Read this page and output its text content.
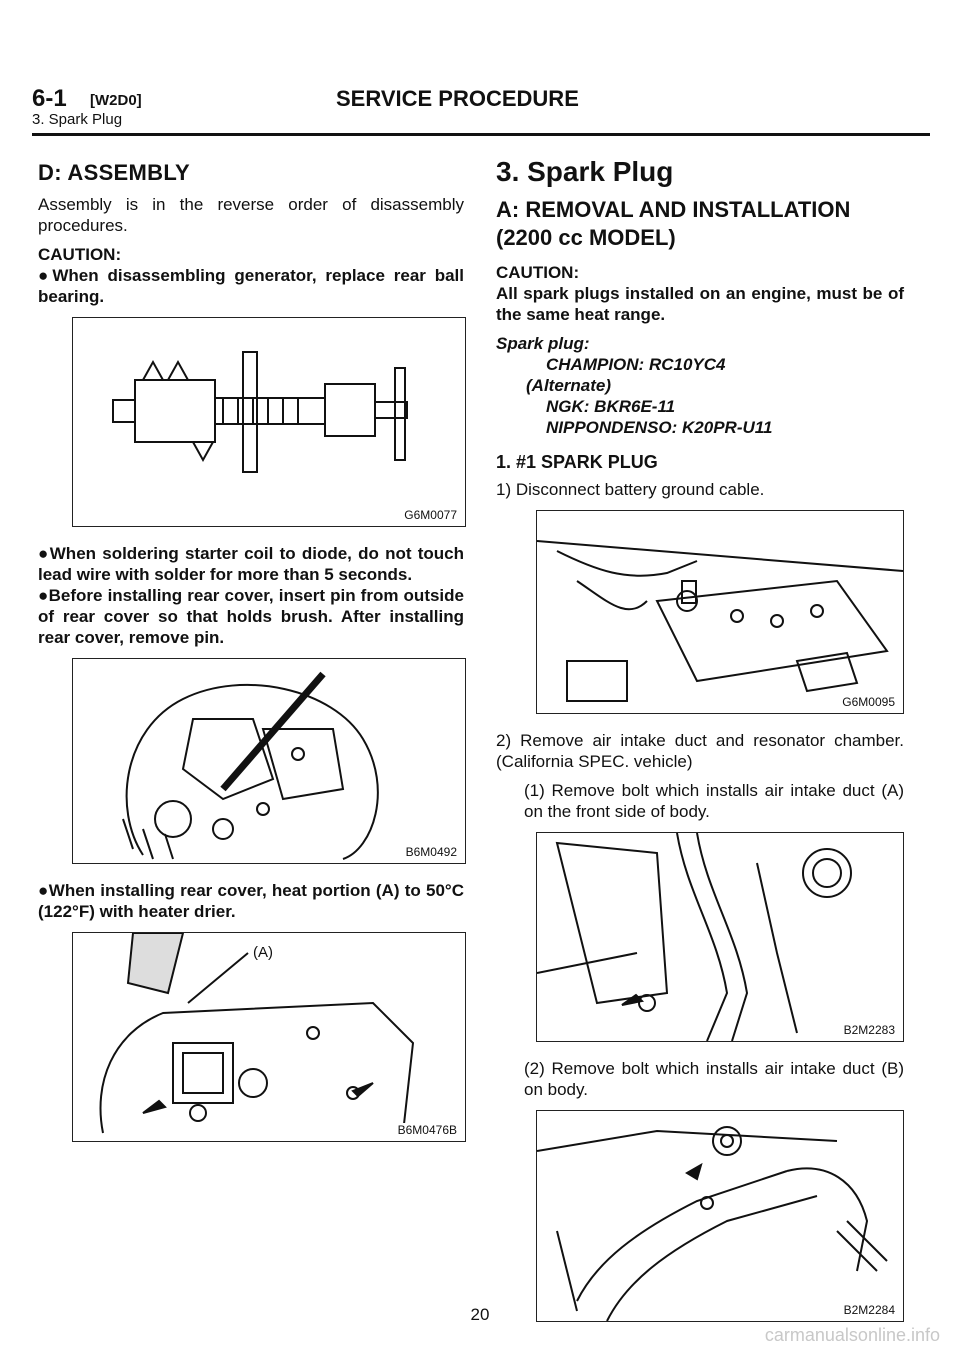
6-1 [W2D0]	SERVICE PROCEDURE
3. Spark Plug
D: ASSEMBLY

Assembly is in the reverse order of disassembly procedures.

CAUTION:

●When disassembling generator, replace rear ball bearing.

G6M0077

●When soldering starter coil to diode, do not touch lead wire with solder for more than 5 seconds.

●Before installing rear cover, insert pin from outside of rear cover so that holds brush. After installing rear cover, remove pin.

B6M0492

●When installing rear cover, heat portion (A) to 50°C (122°F) with heater drier.

(A)
B6M0476B
3. Spark Plug
A: REMOVAL AND INSTALLATION (2200 cc MODEL)

CAUTION:

All spark plugs installed on an engine, must be of the same heat range.

Spark plug:
CHAMPION: RC10YC4
(Alternate)
NGK: BKR6E-11
NIPPONDENSO: K20PR-U11
1. #1 SPARK PLUG

1) Disconnect battery ground cable.

G6M0095

2) Remove air intake duct and resonator chamber. (California SPEC. vehicle)

(1) Remove bolt which installs air intake duct (A) on the front side of body.

B2M2283

(2) Remove bolt which installs air intake duct (B) on body.

B2M2284
20
carmanualsonline.info
